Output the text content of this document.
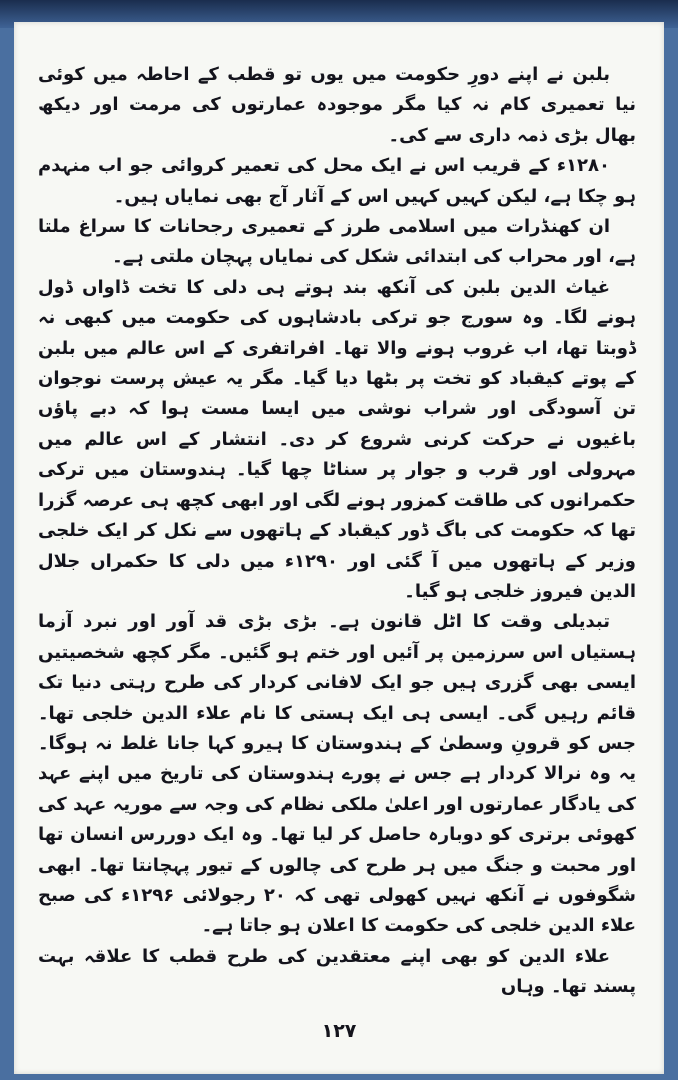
بلبن نے اپنے دورِ حکومت میں یوں تو قطب کے احاطہ میں کوئی نیا تعمیری کام نہ کیا مگر موجودہ عمارتوں کی مرمت اور دیکھ بھال بڑی ذمہ داری سے کی۔

۱۲۸۰ء کے قریب اس نے ایک محل کی تعمیر کروائی جو اب منہدم ہو چکا ہے، لیکن کہیں کہیں اس کے آثار آج بھی نمایاں ہیں۔

ان کھنڈرات میں اسلامی طرز کے تعمیری رجحانات کا سراغ ملتا ہے، اور محراب کی ابتدائی شکل کی نمایاں پہچان ملتی ہے۔

غیاث الدین بلبن کی آنکھ بند ہوتے ہی دلی کا تخت ڈاواں ڈول ہونے لگا۔ وہ سورج جو ترکی بادشاہوں کی حکومت میں کبھی نہ ڈوبتا تھا، اب غروب ہونے والا تھا۔ افراتفری کے اس عالم میں بلبن کے پوتے کیقباد کو تخت پر بٹھا دیا گیا۔ مگر یہ عیش پرست نوجوان تن آسودگی اور شراب نوشی میں ایسا مست ہوا کہ دبے پاؤں باغیوں نے حرکت کرنی شروع کر دی۔ انتشار کے اس عالم میں مہرولی اور قرب و جوار پر سناٹا چھا گیا۔ ہندوستان میں ترکی حکمرانوں کی طاقت کمزور ہونے لگی اور ابھی کچھ ہی عرصہ گزرا تھا کہ حکومت کی باگ ڈور کیقباد کے ہاتھوں سے نکل کر ایک خلجی وزیر کے ہاتھوں میں آ گئی اور ۱۲۹۰ء میں دلی کا حکمراں جلال الدین فیروز خلجی ہو گیا۔

تبدیلی وقت کا اٹل قانون ہے۔ بڑی بڑی قد آور اور نبرد آزما ہستیاں اس سرزمین پر آئیں اور ختم ہو گئیں۔ مگر کچھ شخصیتیں ایسی بھی گزری ہیں جو ایک لافانی کردار کی طرح رہتی دنیا تک قائم رہیں گی۔ ایسی ہی ایک ہستی کا نام علاء الدین خلجی تھا۔ جس کو قرونِ وسطیٰ کے ہندوستان کا ہیرو کہا جانا غلط نہ ہوگا۔ یہ وہ نرالا کردار ہے جس نے پورے ہندوستان کی تاریخ میں اپنے عہد کی یادگار عمارتوں اور اعلیٰ ملکی نظام کی وجہ سے موریہ عہد کی کھوئی برتری کو دوبارہ حاصل کر لیا تھا۔ وہ ایک دوررس انسان تھا اور محبت و جنگ میں ہر طرح کی چالوں کے تیور پہچانتا تھا۔ ابھی شگوفوں نے آنکھ نہیں کھولی تھی کہ ۲۰ رجولائی ۱۲۹۶ء کی صبح علاء الدین خلجی کی حکومت کا اعلان ہو جاتا ہے۔

علاء الدین کو بھی اپنے معتقدین کی طرح قطب کا علاقہ بہت پسند تھا۔ وہاں

۱۲۷
